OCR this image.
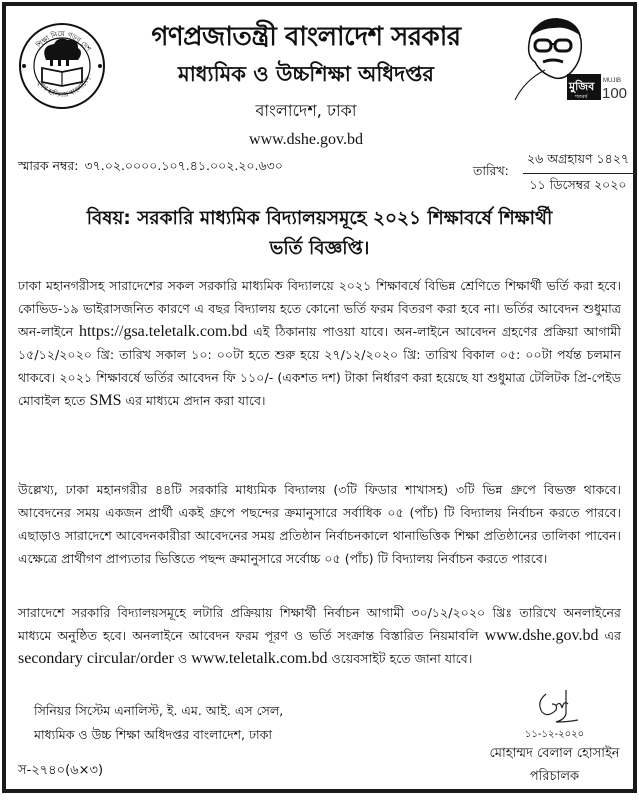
শিক্ষা নিয়ে গড়ব দেশ
শেখ হাসিনার বাংলাদেশ
মুজিব
শতবর্ষ
MUJIB
100
গণপ্রজাতন্ত্রী বাংলাদেশ সরকার
মাধ্যমিক ও উচ্চশিক্ষা অধিদপ্তর
বাংলাদেশ, ঢাকা
www.dshe.gov.bd
স্মারক নম্বর: ৩৭.০২.০০০০.১০৭.৪১.০০২.২০.৬৩০	তারিখ:
২৬ অগ্রহায়ণ ১৪২৭
১১ ডিসেম্বর ২০২০
বিষয়: সরকারি মাধ্যমিক বিদ্যালয়সমূহে ২০২১ শিক্ষাবর্ষে শিক্ষার্থী
ভর্তি বিজ্ঞপ্তি।
ঢাকা মহানগরীসহ সারাদেশের সকল সরকারি মাধ্যমিক বিদ্যালয়ে ২০২১ শিক্ষাবর্ষে বিভিন্ন শ্রেণিতে শিক্ষার্থী ভর্তি করা হবে। কোভিড-১৯ ভাইরাসজনিত কারণে এ বছর বিদ্যালয় হতে কোনো ভর্তি ফরম বিতরণ করা হবে না। ভর্তির আবেদন শুধুমাত্র অন-লাইনে https://gsa.teletalk.com.bd এই ঠিকানায় পাওয়া যাবে। অন-লাইনে আবেদন গ্রহণের প্রক্রিয়া আগামী ১৫/১২/২০২০ খ্রি: তারিখ সকাল ১০: ০০টা হতে শুরু হয়ে ২৭/১২/২০২০ খ্রি: তারিখ বিকাল ০৫: ০০টা পর্যন্ত চলমান থাকবে। ২০২১ শিক্ষাবর্ষে ভর্তির আবেদন ফি ১১০/- (একশত দশ) টাকা নির্ধারণ করা হয়েছে যা শুধুমাত্র টেলিটক প্রি-পেইড মোবাইল হতে SMS এর মাধ্যমে প্রদান করা যাবে।
উল্লেখ্য, ঢাকা মহানগরীর ৪৪টি সরকারি মাধ্যমিক বিদ্যালয় (৩টি ফিডার শাখাসহ) ৩টি ভিন্ন গ্রুপে বিভক্ত থাকবে। আবেদনের সময় একজন প্রার্থী একই গ্রুপে পছন্দের ক্রমানুসারে সর্বাধিক ০৫ (পাঁচ) টি বিদ্যালয় নির্বাচন করতে পারবে। এছাড়াও সারাদেশে আবেদনকারীরা আবেদনের সময় প্রতিষ্ঠান নির্বাচনকালে থানাভিত্তিক শিক্ষা প্রতিষ্ঠানের তালিকা পাবেন। এক্ষেত্রে প্রার্থীগণ প্রাপ্যতার ভিত্তিতে পছন্দ ক্রমানুসারে সর্বোচ্চ ০৫ (পাঁচ) টি বিদ্যালয় নির্বাচন করতে পারবে।
সারাদেশে সরকারি বিদ্যালয়সমূহে লটারি প্রক্রিয়ায় শিক্ষার্থী নির্বাচন আগামী ৩০/১২/২০২০ খ্রিঃ তারিখে অনলাইনের মাধ্যমে অনুষ্ঠিত হবে। অনলাইনে আবেদন ফরম পূরণ ও ভর্তি সংক্রান্ত বিস্তারিত নিয়মাবলি www.dshe.gov.bd এর secondary circular/order ও www.teletalk.com.bd ওয়েবসাইট হতে জানা যাবে।
সিনিয়র সিস্টেম এনালিস্ট, ই. এম. আই. এস সেল,
মাধ্যমিক ও উচ্চ শিক্ষা অধিদপ্তর বাংলাদেশ, ঢাকা
স-২৭৪০(৬×৩)
১১-১২-২০২০
মোহাম্মদ বেলাল হোসাইন
পরিচালক
